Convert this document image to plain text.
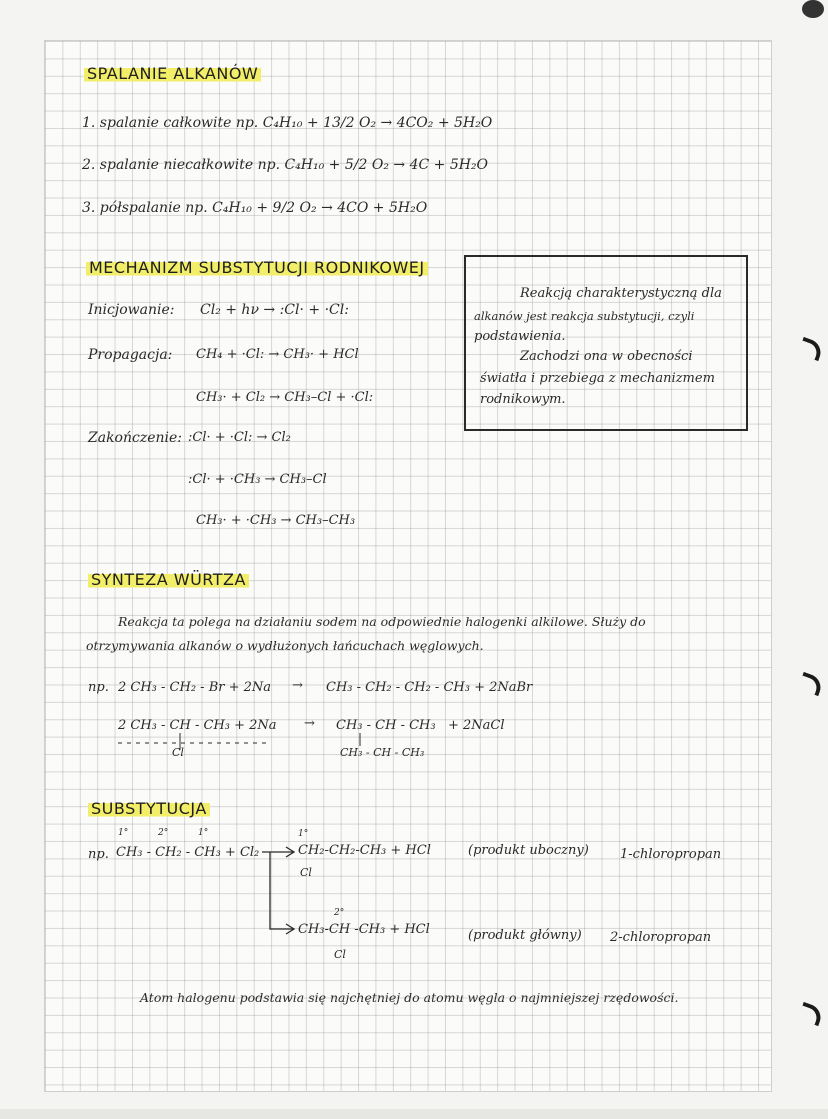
SPALANIE ALKANÓW
1. spalanie całkowite np. C₄H₁₀ + 13/2 O₂ → 4CO₂ + 5H₂O
2. spalanie niecałkowite np. C₄H₁₀ + 5/2 O₂ → 4C + 5H₂O
3. półspalanie np. C₄H₁₀ + 9/2 O₂ → 4CO + 5H₂O
MECHANIZM SUBSTYTUCJI RODNIKOWEJ
Inicjowanie: Cl₂ + hν → :Cl· + ·Cl:
Propagacja: CH₄ + ·Cl: → CH₃· + HCl
CH₃· + Cl₂ → CH₃–Cl + ·Cl:
Zakończenie: :Cl· + ·Cl: → Cl₂
:Cl· + ·CH₃ → CH₃–Cl
CH₃· + ·CH₃ → CH₃–CH₃
Reakcją charakterystyczną dla
alkanów jest reakcja substytucji, czyli
podstawienia.
Zachodzi ona w obecności
światła i przebiega z mechanizmem
rodnikowym.
SYNTEZA WÜRTZA
Reakcja ta polega na działaniu sodem na odpowiednie halogenki alkilowe. Służy do
otrzymywania alkanów o wydłużonych łańcuchach węglowych.
np. 2 CH₃ - CH₂ - Br + 2Na → CH₃ - CH₂ - CH₂ - CH₃ + 2NaBr
2 CH₃ - CH - CH₃ + 2Na → CH₃ - CH - CH₃ + 2NaCl
Cl	CH₃ - CH - CH₃
SUBSTYTUCJA
1°	2°	1°
np. CH₃ - CH₂ - CH₃ + Cl₂
1°
CH₂-CH₂-CH₃ + HCl
Cl
(produkt uboczny) 1-chloropropan
2°
CH₃-CH -CH₃ + HCl
Cl
(produkt główny) 2-chloropropan
Atom halogenu podstawia się najchętniej do atomu węgla o najmniejszej rzędowości.
